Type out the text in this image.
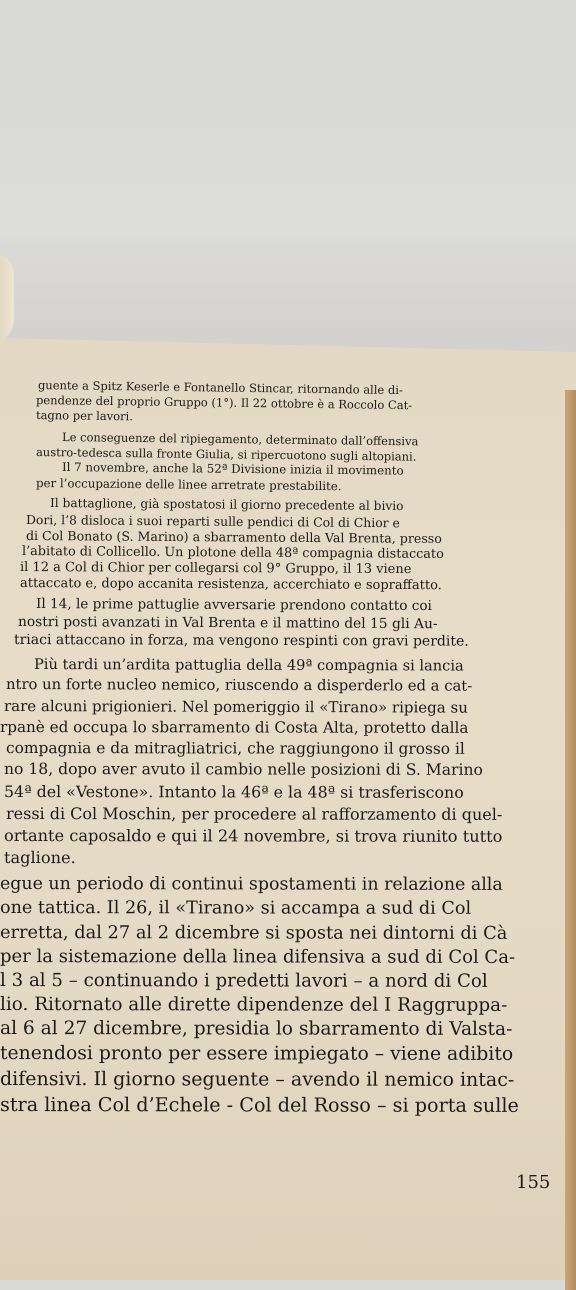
guente a Spitz Keserle e Fontanello Stincar, ritornando alle di-
pendenze del proprio Gruppo (1°). Il 22 ottobre è a Roccolo Cat-
tagno per lavori.
Le conseguenze del ripiegamento, determinato dall’offensiva
austro-tedesca sulla fronte Giulia, si ripercuotono sugli altopiani.
Il 7 novembre, anche la 52ª Divisione inizia il movimento
per l’occupazione delle linee arretrate prestabilite.
Il battaglione, già spostatosi il giorno precedente al bivio
Dori, l’8 disloca i suoi reparti sulle pendici di Col di Chior e
di Col Bonato (S. Marino) a sbarramento della Val Brenta, presso
l’abitato di Collicello. Un plotone della 48ª compagnia distaccato
il 12 a Col di Chior per collegarsi col 9° Gruppo, il 13 viene
attaccato e, dopo accanita resistenza, accerchiato e sopraffatto.
Il 14, le prime pattuglie avversarie prendono contatto coi
nostri posti avanzati in Val Brenta e il mattino del 15 gli Au-
triaci attaccano in forza, ma vengono respinti con gravi perdite.
Più tardi un’ardita pattuglia della 49ª compagnia si lancia
ntro un forte nucleo nemico, riuscendo a disperderlo ed a cat-
rare alcuni prigionieri. Nel pomeriggio il «Tirano» ripiega su
rpanè ed occupa lo sbarramento di Costa Alta, protetto dalla
compagnia e da mitragliatrici, che raggiungono il grosso il
no 18, dopo aver avuto il cambio nelle posizioni di S. Marino
54ª del «Vestone». Intanto la 46ª e la 48ª si trasferiscono
ressi di Col Moschin, per procedere al rafforzamento di quel-
ortante caposaldo e qui il 24 novembre, si trova riunito tutto
taglione.
egue un periodo di continui spostamenti in relazione alla
one tattica. Il 26, il «Tirano» si accampa a sud di Col
erretta, dal 27 al 2 dicembre si sposta nei dintorni di Cà
per la sistemazione della linea difensiva a sud di Col Ca-
l 3 al 5 – continuando i predetti lavori – a nord di Col
lio. Ritornato alle dirette dipendenze del I Raggruppa-
al 6 al 27 dicembre, presidia lo sbarramento di Valsta-
tenendosi pronto per essere impiegato – viene adibito
difensivi. Il giorno seguente – avendo il nemico intac-
stra linea Col d’Echele - Col del Rosso – si porta sulle
155
